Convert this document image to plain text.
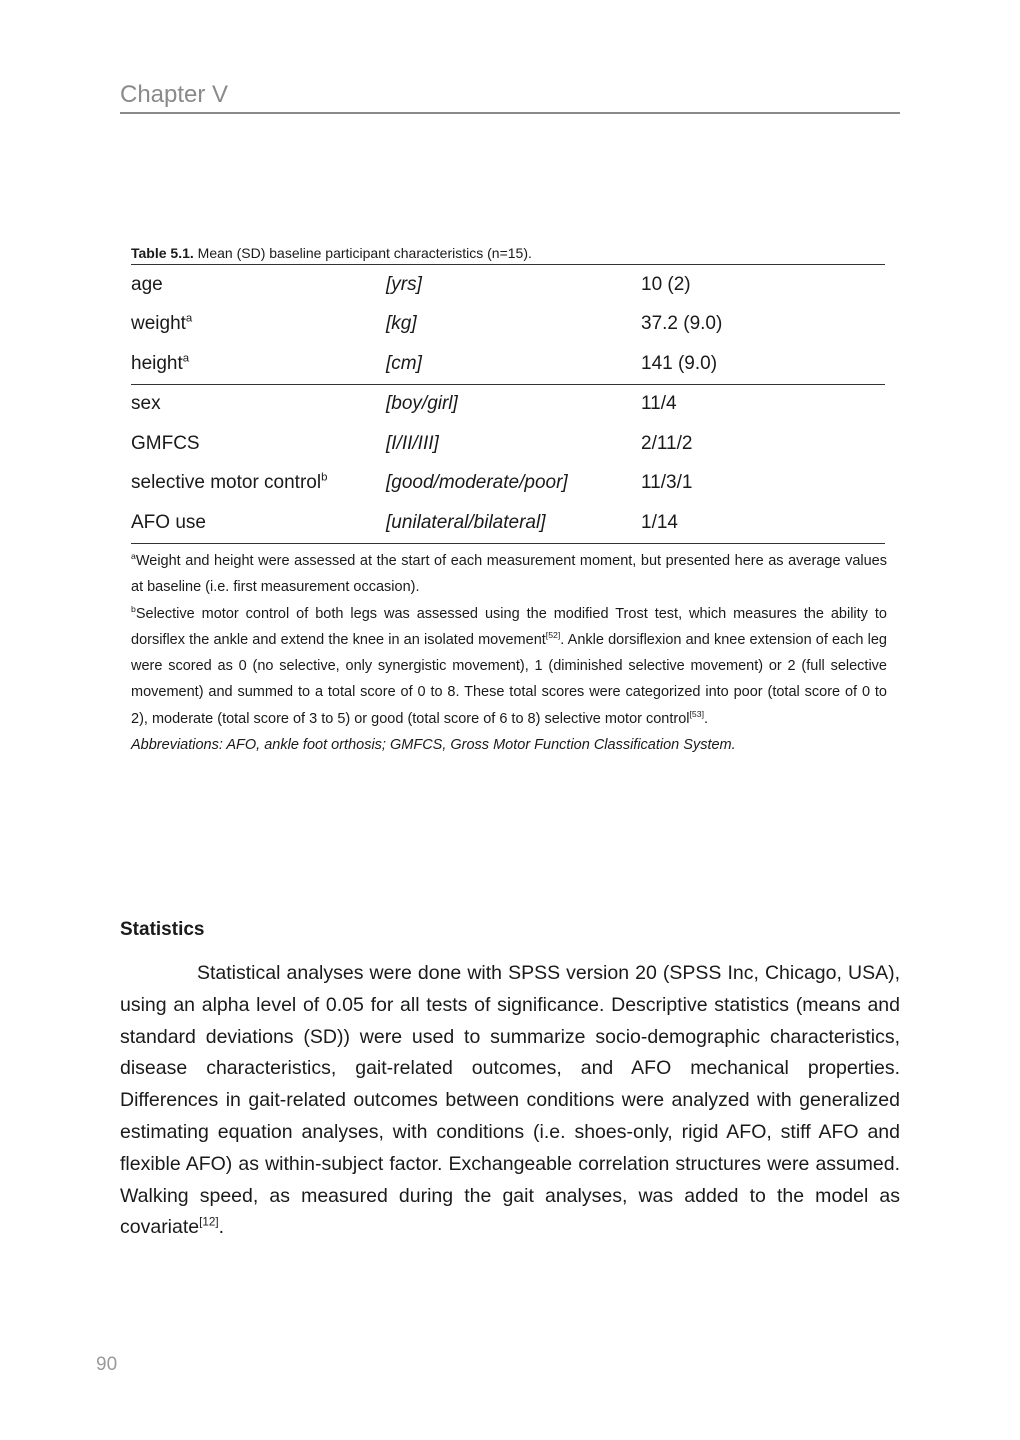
Chapter V
Table 5.1. Mean (SD) baseline participant characteristics (n=15).
age	[yrs]	10 (2)
weight$^a$	[kg]	37.2 (9.0)
height$^a$	[cm]	141 (9.0)
sex	[boy/girl]	11/4
GMFCS	[I/II/III]	2/11/2
selective motor control$^b$	[good/moderate/poor]	11/3/1
AFO use	[unilateral/bilateral]	1/14

$^a$Weight and height were assessed at the start of each measurement moment, but presented here as average values at baseline (i.e. first measurement occasion).

$^b$Selective motor control of both legs was assessed using the modified Trost test, which measures the ability to dorsiflex the ankle and extend the knee in an isolated movement[52]. Ankle dorsiflexion and knee extension of each leg were scored as 0 (no selective, only synergistic movement), 1 (diminished selective movement) or 2 (full selective movement) and summed to a total score of 0 to 8. These total scores were categorized into poor (total score of 0 to 2), moderate (total score of 3 to 5) or good (total score of 6 to 8) selective motor control[53].

Abbreviations: AFO, ankle foot orthosis; GMFCS, Gross Motor Function Classification System.

Statistics

Statistical analyses were done with SPSS version 20 (SPSS Inc, Chicago, USA), using an alpha level of 0.05 for all tests of significance. Descriptive statistics (means and standard deviations (SD)) were used to summarize socio-demographic characteristics, disease characteristics, gait-related outcomes, and AFO mechanical properties. Differences in gait-related outcomes between conditions were analyzed with generalized estimating equation analyses, with conditions (i.e. shoes-only, rigid AFO, stiff AFO and flexible AFO) as within-subject factor. Exchangeable correlation structures were assumed. Walking speed, as measured during the gait analyses, was added to the model as covariate[12].

90
